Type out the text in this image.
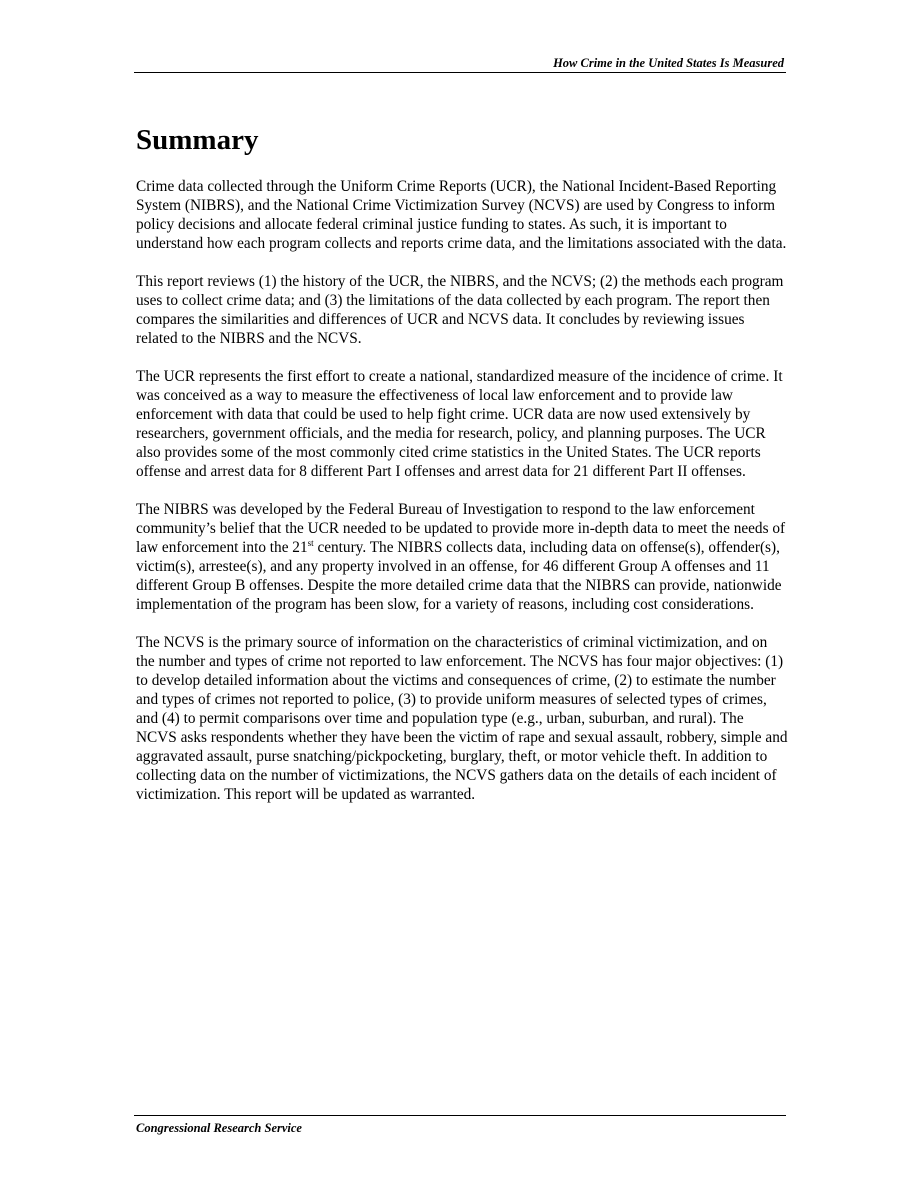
How Crime in the United States Is Measured
Summary

Crime data collected through the Uniform Crime Reports (UCR), the National Incident-Based Reporting System (NIBRS), and the National Crime Victimization Survey (NCVS) are used by Congress to inform policy decisions and allocate federal criminal justice funding to states. As such, it is important to understand how each program collects and reports crime data, and the limitations associated with the data.

This report reviews (1) the history of the UCR, the NIBRS, and the NCVS; (2) the methods each program uses to collect crime data; and (3) the limitations of the data collected by each program. The report then compares the similarities and differences of UCR and NCVS data. It concludes by reviewing issues related to the NIBRS and the NCVS.

The UCR represents the first effort to create a national, standardized measure of the incidence of crime. It was conceived as a way to measure the effectiveness of local law enforcement and to provide law enforcement with data that could be used to help fight crime. UCR data are now used extensively by researchers, government officials, and the media for research, policy, and planning purposes. The UCR also provides some of the most commonly cited crime statistics in the United States. The UCR reports offense and arrest data for 8 different Part I offenses and arrest data for 21 different Part II offenses.

The NIBRS was developed by the Federal Bureau of Investigation to respond to the law enforcement community’s belief that the UCR needed to be updated to provide more in-depth data to meet the needs of law enforcement into the 21st century. The NIBRS collects data, including data on offense(s), offender(s), victim(s), arrestee(s), and any property involved in an offense, for 46 different Group A offenses and 11 different Group B offenses. Despite the more detailed crime data that the NIBRS can provide, nationwide implementation of the program has been slow, for a variety of reasons, including cost considerations.

The NCVS is the primary source of information on the characteristics of criminal victimization, and on the number and types of crime not reported to law enforcement. The NCVS has four major objectives: (1) to develop detailed information about the victims and consequences of crime, (2) to estimate the number and types of crimes not reported to police, (3) to provide uniform measures of selected types of crimes, and (4) to permit comparisons over time and population type (e.g., urban, suburban, and rural). The NCVS asks respondents whether they have been the victim of rape and sexual assault, robbery, simple and aggravated assault, purse snatching/pickpocketing, burglary, theft, or motor vehicle theft. In addition to collecting data on the number of victimizations, the NCVS gathers data on the details of each incident of victimization. This report will be updated as warranted.

Congressional Research Service
